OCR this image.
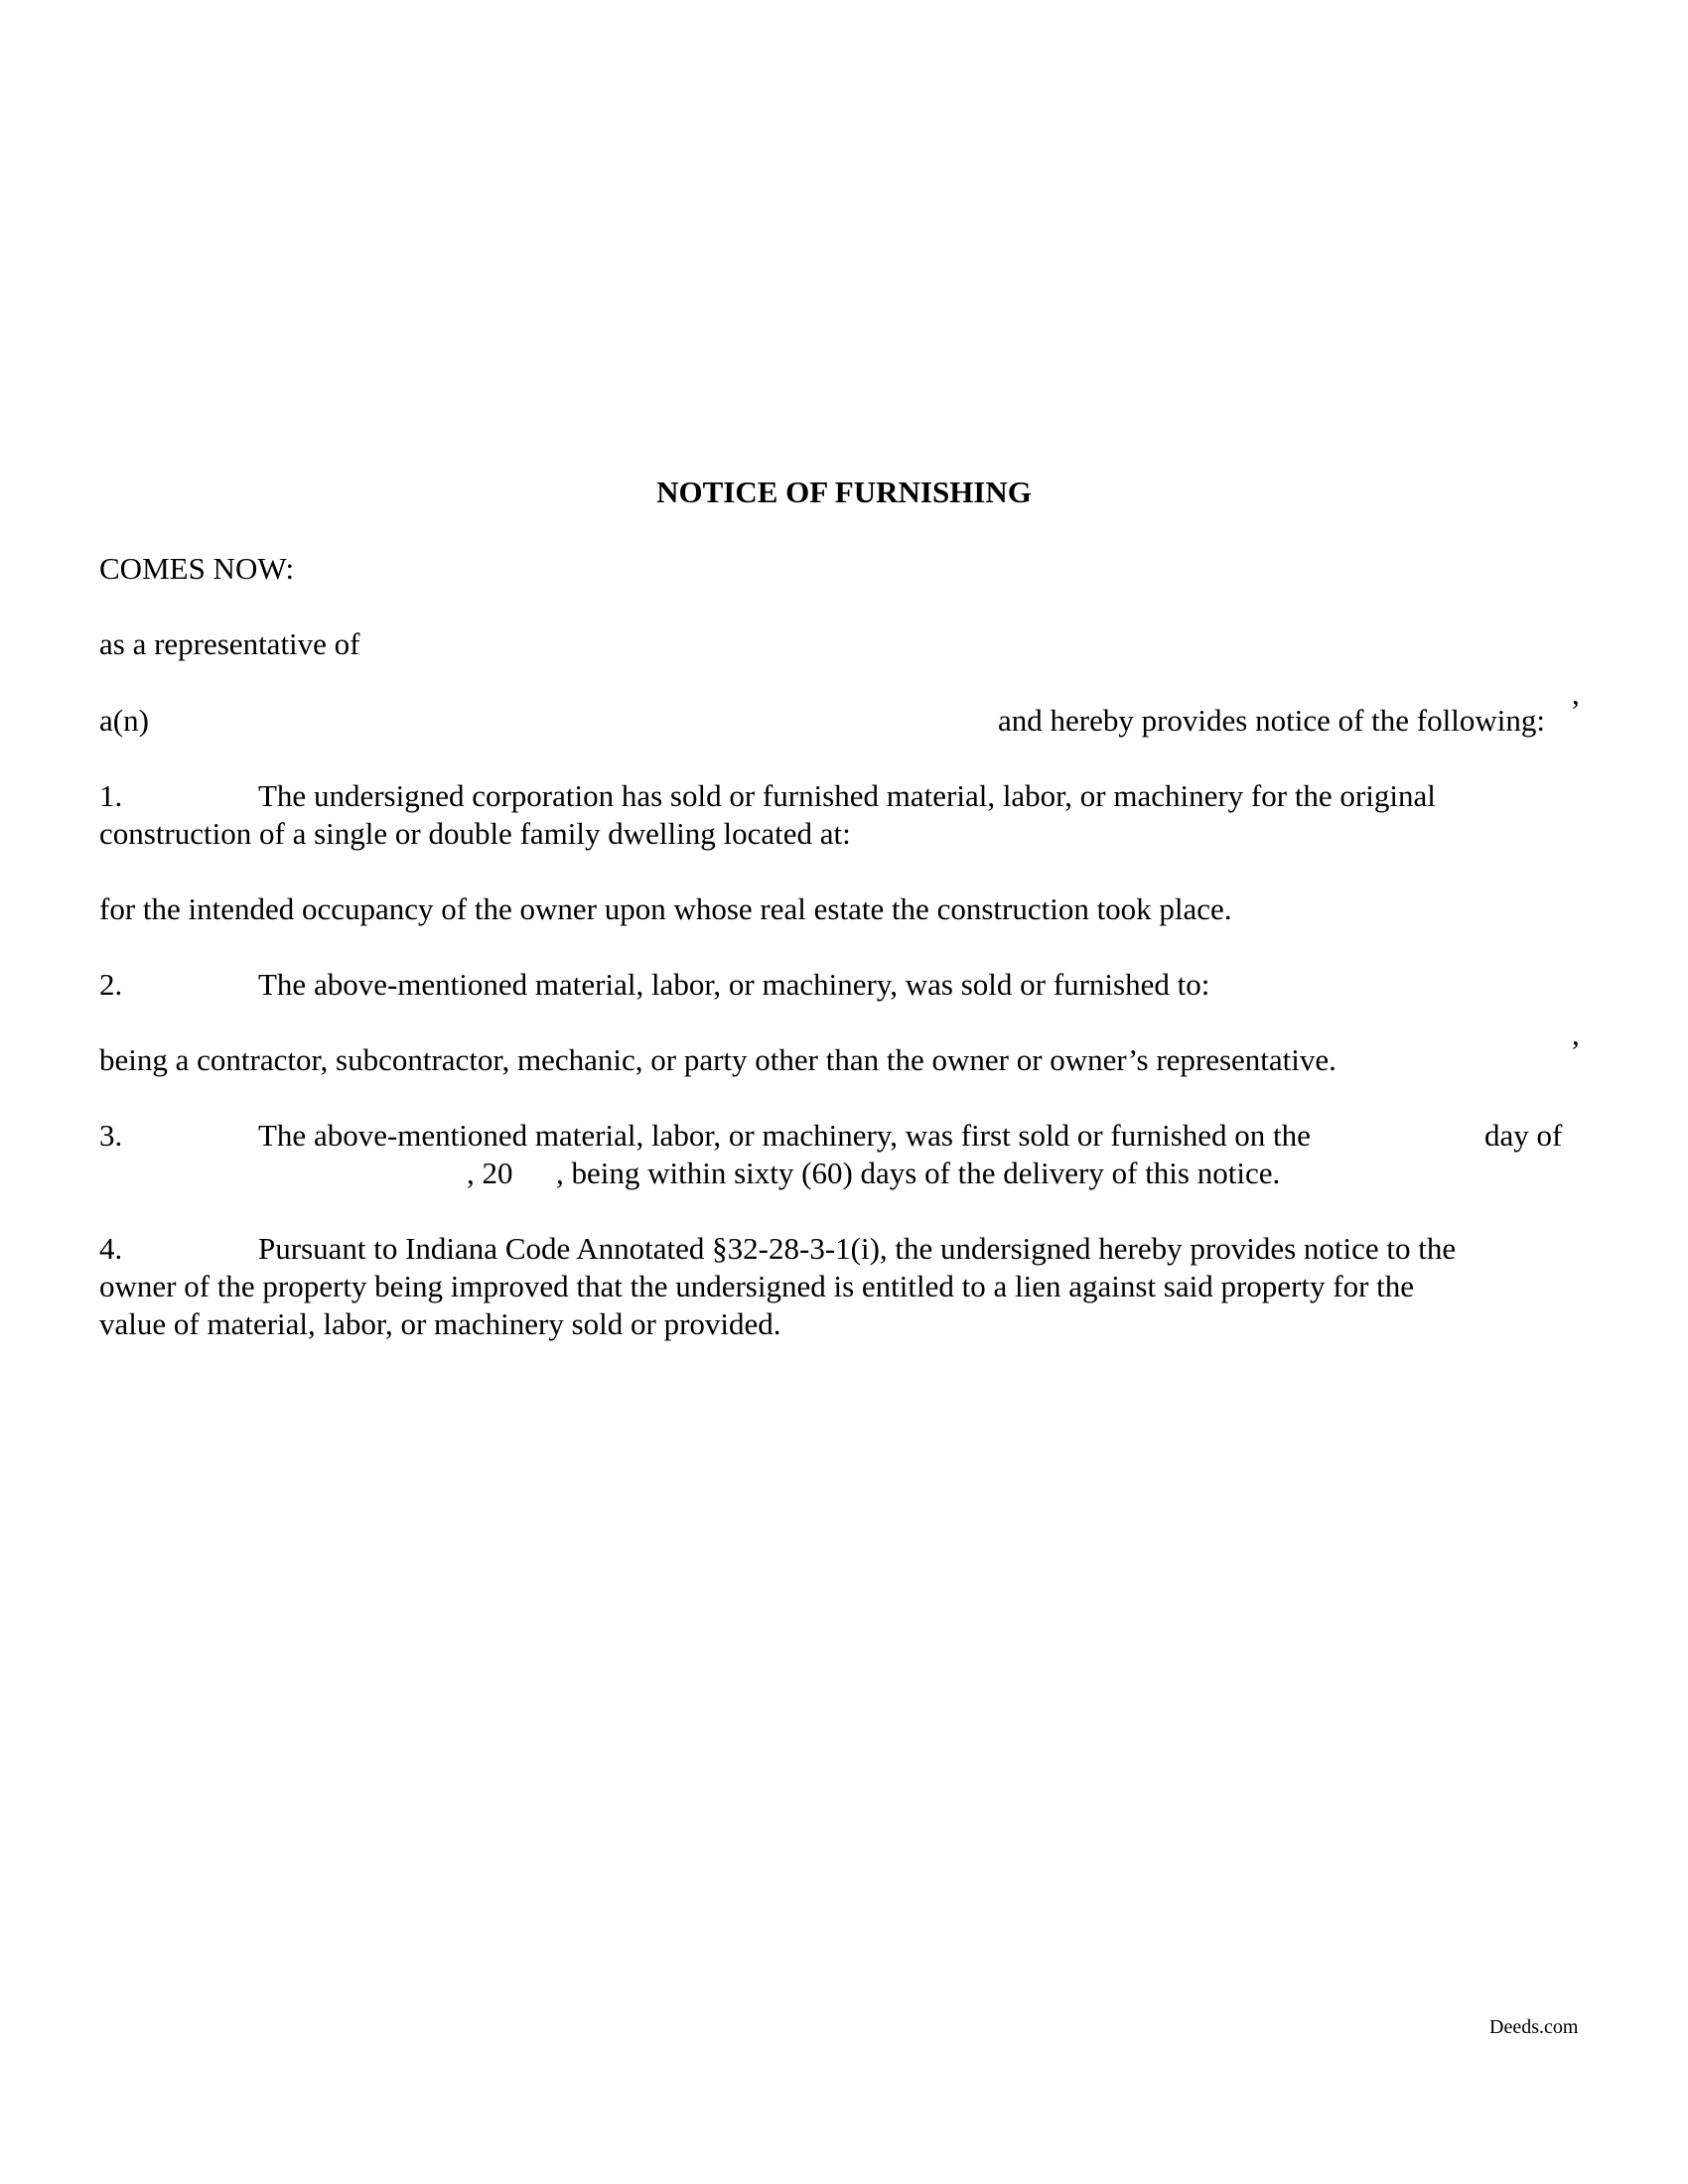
NOTICE OF FURNISHING
COMES NOW:
as a representative of
,
a(n)	and hereby provides notice of the following:
1.	The undersigned corporation has sold or furnished material, labor, or machinery for the original
construction of a single or double family dwelling located at:
for the intended occupancy of the owner upon whose real estate the construction took place.
2.	The above-mentioned material, labor, or machinery, was sold or furnished to:
,
being a contractor, subcontractor, mechanic, or party other than the owner or owner’s representative.
3.	The above-mentioned material, labor, or machinery, was first sold or furnished on the	day of
, 20 , being within sixty (60) days of the delivery of this notice.
4.	Pursuant to Indiana Code Annotated §32-28-3-1(i), the undersigned hereby provides notice to the
owner of the property being improved that the undersigned is entitled to a lien against said property for the
value of material, labor, or machinery sold or provided.
Deeds.com
